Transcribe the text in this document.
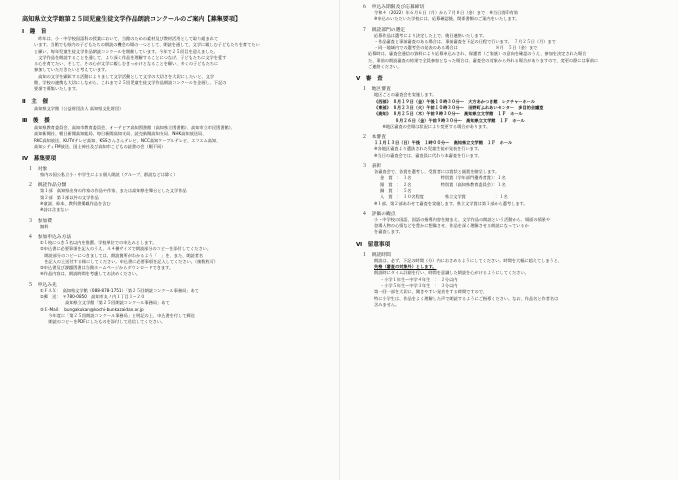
高知県立文学館第２５回児童生徒文学作品朗読コンクールのご案内【募集要項】
Ⅰ　趣　旨
　昨年は、小・中学校国語科の授業において、当館のための素材及び教材活用として取り組まれて
います。当館でも県内の子どもたちの朗読の機会の場の一つとして、朗読を通して、文学に親しむ子どもたちを育てたい
と願い、毎年児童生徒文学作品朗読コンクールを開催しています。今年で２５回目を迎えました。
　文学作品を朗読することを通して、より深く作品を理解することにつなげ、子どもたちに文学を愛す
る心を育てたい、そして、その心が文学に親しむきっかけとなることを願い、多くの子どもたちに
参加していただきたいと考えています。
　高知の文学を顕彰する活動によりまして文学活動として文学の大切さを大切にしたいと、文学
館、学校の連携も大切にしながら、これまで２５回児童生徒文学作品朗読コンクールを企画し、下記の
要項で募集いたします。
Ⅱ　主　催
高知県文学館（公益財団法人 高知県文化財団）
Ⅲ　後　援
高知県教育委員会、高知市教育委員会、オーテピア高知図書館（高知県立図書館）、高知市立市民図書館）、
高知新聞社、朝日新聞高知総局、毎日新聞高知支局、読売新聞高知支局、NHK高知放送局、
RKC高知放送、KUTVテレビ高知、KSSさんさんテレビ、NCC高知ケーブルテレビ、エフエム高知、
高知シティFM放送、国土神社及び高知市こどもの読書の会（順不同）
Ⅳ　募集要項
１　対象
県内の国公私立小・中学生による個人朗読（グループ、群読などは除く）
２　朗読作品分類
第１部　高知県出身の作家の作品や作家、または高知県を舞台とした文学作品
第２部　第１部以外の文学作品
※童謡、絵本、教科書掲載作品を含む
※詩は含まない
３　参加費
無料
４　参加申込み方法
①１校につき５名以内を推薦。学校単位での申込みとします。
②申込書に必要事項を記入のうえ、Ａ４横サイズで朗読部分のコピーを添付してください。
　朗読部分のコピーにつきましては、朗読箇所がわかるよう「　」を、また、朗読者名
　を記入の上送付する様にしてください。申込書に必要事項を記入してください。（複数枚可）
③申込書及び課題図書は当館ホームページからダウンロードできます。
④作品内容は、朗読時間を考慮してお決めください。
５　申込み先
①ＦＡＸ：　高知県文学館（088-878-1751）「第２５回朗読コンクール事務局」あて
②郵　送：　〒780-0850　高知市丸ノ内１丁目１−２０
　　　　　　高知県立文学館「第２５回朗読コンクール事務局」あて
③Ｅ-Mail：　bungakukan@kochi-bunkazaidan.or.jp
　　今年度に「第２５回朗読コンクール事務局」と明記の上、申込書を付して郵送
　　朗読のコピーをPDFにしたものを添付して送信してください。
６　申込み期限及び応募締切
令和４（2022）年６月６日（月）から７月８日（金）まで　※当日消印有効
※申込みいただいた学校には、応募確認後、関係書類のご案内をいたします。
７　朗読部門の選定
応募作品は選考により決定した上で、後日連絡いたします。
・作品審査と事前審査のある場合は、事前審査を下記の日程で行います。　７月２５日（月）まで
・同一地域内での選考会の発表のある場合は　　　　　　　　　８月　５日（金）まで
応募時は、審査会通信の資料により応募申込みされ、保護者（ご家族）の意向を確認のうえ、参加を決定された場合
た、事前の朗読審査の結果で全員参加となった場合は、審査会の対象から外れる場合がありますので、変更の際には事前に
ご連絡ください。
Ⅴ　審　査
１　地区審査
地区ごとの審査会を実施します。
《西部》　８月１９日（金）午後１０時３０分～　大方あかつき館　レクチャーホール
《東部》　８月２３日（火）午前１０時３０分～　田野町ふれあいセンター　多目的会議室
《高知》　８月２５日（木）午前９時３０分～　高知県立文学館　１Ｆ　ホール
　　　　　８月２６日（金）午前９時３０分～　高知県立文学館　１Ｆ　ホール
　　※地区審査の会場は状況により変更する場合があります。
２　本審査
１１月１３日（日）午後　１時００分～　高知県立文学館　１Ｆ　ホール
※各地区審査より選抜された児童生徒が発表を行います。
※当日の審査会では、審査員に代わり本審査を行います。
３　表彰
各審査会で、各賞を選考し、受賞者には賞状と副賞を贈呈します。
金　賞　：　１名　　　　　　　特別賞（学年部門優秀者賞）：１名
銀　賞　：　２名　　　　　　　特別賞（高知県教育委員会）：１名
銅　賞　：　５名
入　賞　：　１０名程度　　　　　県立文学賞　　　　　　　：１名
※１部、第２部あわせて審査を実施します。県立文学賞は第１部から選考します。
４　評価の観点
小・中学校の国語、国語の指導内容を踏まえ、文学作品の朗読という活動から、場面の情景や
登場人物の心情などを豊かに想像させ、作品を深く理解させる朗読になっているか
を審査します。
Ⅵ　留意事項
１　朗読時間
朗読は、必ず、下記の時間（分）内におさめるようにしてください。時間を大幅に超えてしまうと、
失格（審査の対象外）とします。
朗読時にタイム計測を行い、時間を意識した朗読を心がけるようにしてください。
・小学１年生～中学４年生　：　２分以内
・小学５年生～中学３年生　：　３分以内
第一回一部を大切に、聞きやすい発音をする時間ですので、
特に小学生は、作品をよく理解した声で朗読するようにご指導ください。なお、作品名と作者名は
含みません。
